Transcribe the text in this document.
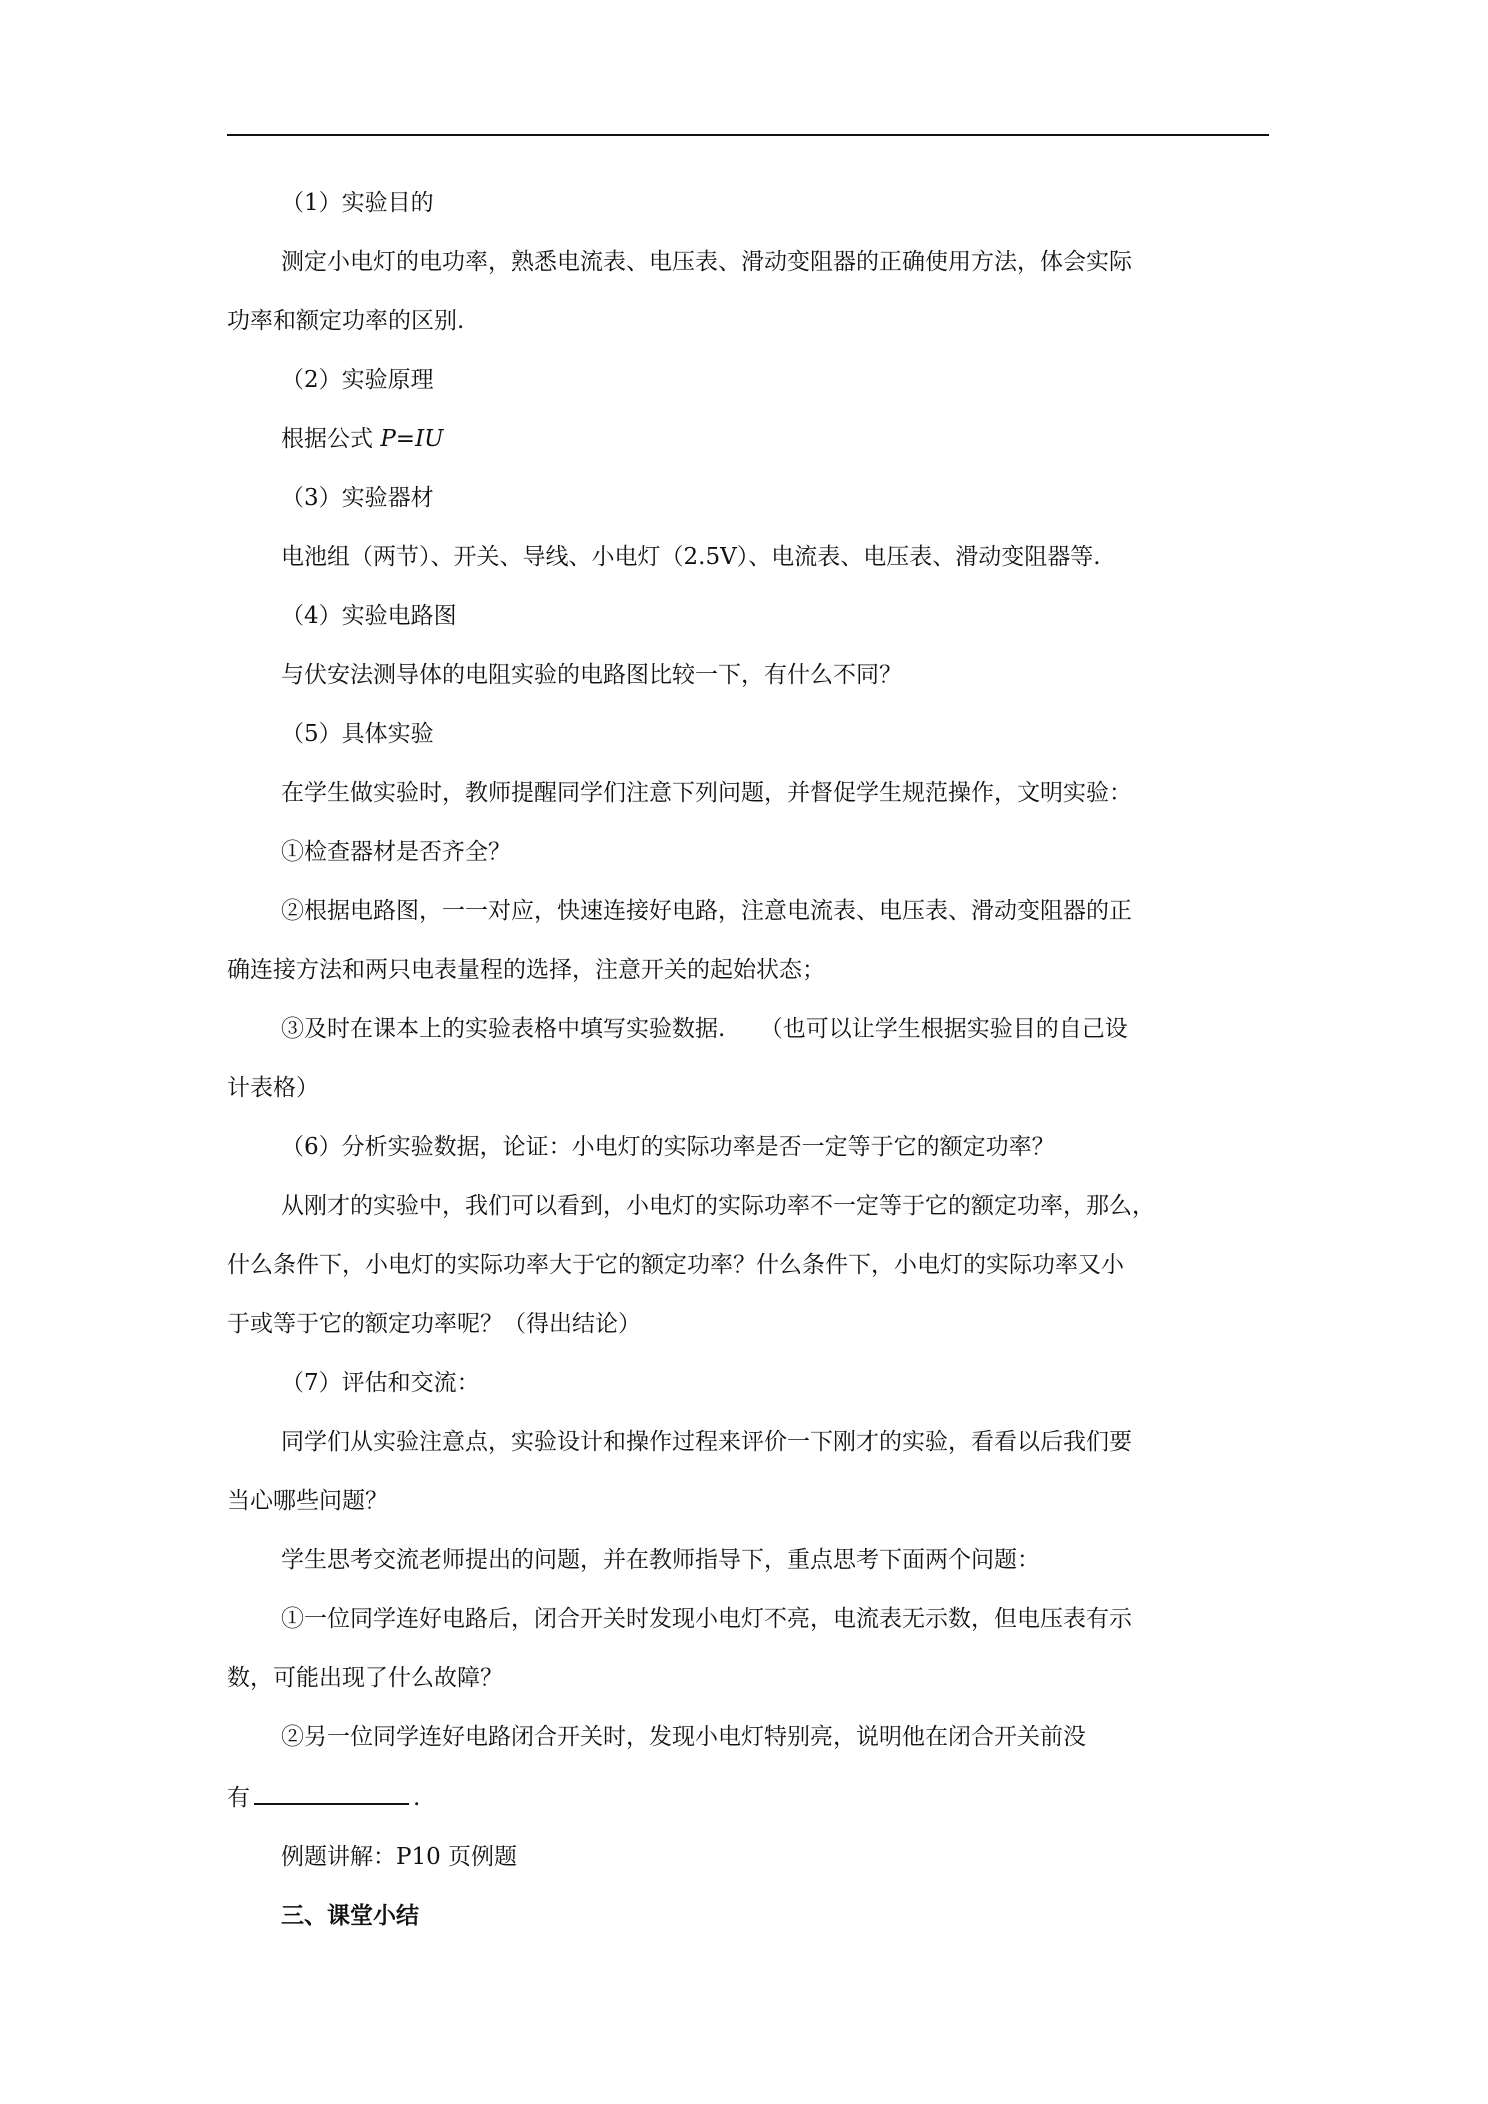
（1）实验目的

测定小电灯的电功率，熟悉电流表、电压表、滑动变阻器的正确使用方法，体会实际
功率和额定功率的区别.

（2）实验原理

根据公式 P=IU

（3）实验器材

电池组（两节）、开关、导线、小电灯（2.5V）、电流表、电压表、滑动变阻器等.

（4）实验电路图

与伏安法测导体的电阻实验的电路图比较一下，有什么不同？

（5）具体实验

在学生做实验时，教师提醒同学们注意下列问题，并督促学生规范操作，文明实验：

①检查器材是否齐全？

②根据电路图，一一对应，快速连接好电路，注意电流表、电压表、滑动变阻器的正
确连接方法和两只电表量程的选择，注意开关的起始状态；
③及时在课本上的实验表格中填写实验数据.　　（也可以让学生根据实验目的自己设
计表格）

（6）分析实验数据，论证：小电灯的实际功率是否一定等于它的额定功率？

从刚才的实验中，我们可以看到，小电灯的实际功率不一定等于它的额定功率，那么，
什么条件下，小电灯的实际功率大于它的额定功率？什么条件下，小电灯的实际功率又小
于或等于它的额定功率呢？（得出结论）

（7）评估和交流：

同学们从实验注意点，实验设计和操作过程来评价一下刚才的实验，看看以后我们要
当心哪些问题？

学生思考交流老师提出的问题，并在教师指导下，重点思考下面两个问题：

①一位同学连好电路后，闭合开关时发现小电灯不亮，电流表无示数，但电压表有示
数，可能出现了什么故障？
②另一位同学连好电路闭合开关时，发现小电灯特别亮，说明他在闭合开关前没
有	.

例题讲解：P10 页例题

三、课堂小结
